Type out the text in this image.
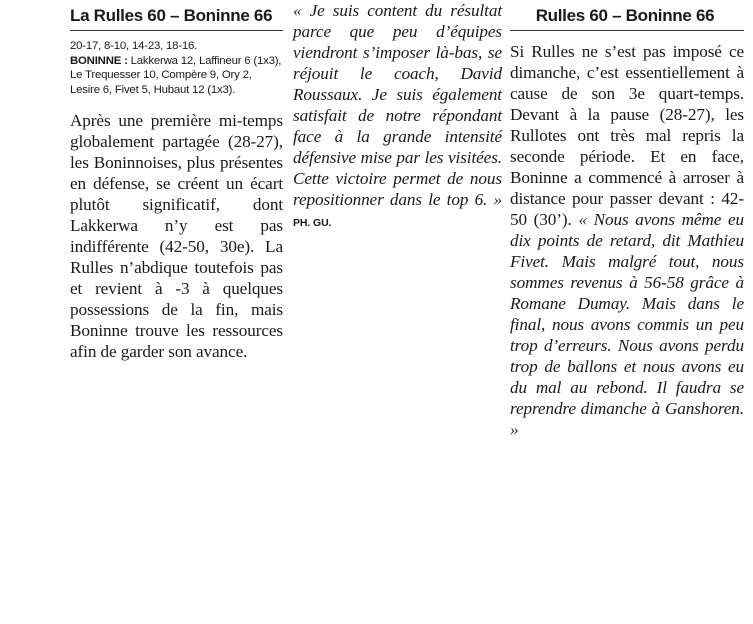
La Rulles 60 – Boninne 66

20-17, 8-10, 14-23, 18-16.
BONINNE : Lakkerwa 12, Laffineur 6 (1x3), Le Trequesser 10, Compère 9, Ory 2, Lesire 6, Fivet 5, Hubaut 12 (1x3).

Après une première mi-temps globalement partagée (28-27), les Boninnoises, plus présentes en défense, se créent un écart plutôt significatif, dont Lakkerwa n’y est pas indifférente (42-50, 30e). La Rulles n’abdique toutefois pas et revient à -3 à quelques possessions de la fin, mais Boninne trouve les ressources afin de garder son avance.

« Je suis content du résultat parce que peu d’équipes viendront s’imposer là-bas, se réjouit le coach, David Roussaux. Je suis également satisfait de notre répondant face à la grande intensité défensive mise par les visitées. Cette victoire permet de nous repositionner dans le top 6. » PH. GU.

Rulles 60 – Boninne 66

Si Rulles ne s’est pas imposé ce dimanche, c’est essentiellement à cause de son 3e quart-temps. Devant à la pause (28-27), les Rullotes ont très mal repris la seconde période. Et en face, Boninne a commencé à arroser à distance pour passer devant : 42-50 (30’). « Nous avons même eu dix points de retard, dit Mathieu Fivet. Mais malgré tout, nous sommes revenus à 56-58 grâce à Romane Dumay. Mais dans le final, nous avons commis un peu trop d’erreurs. Nous avons perdu trop de ballons et nous avons eu du mal au rebond. Il faudra se reprendre dimanche à Ganshoren. »
